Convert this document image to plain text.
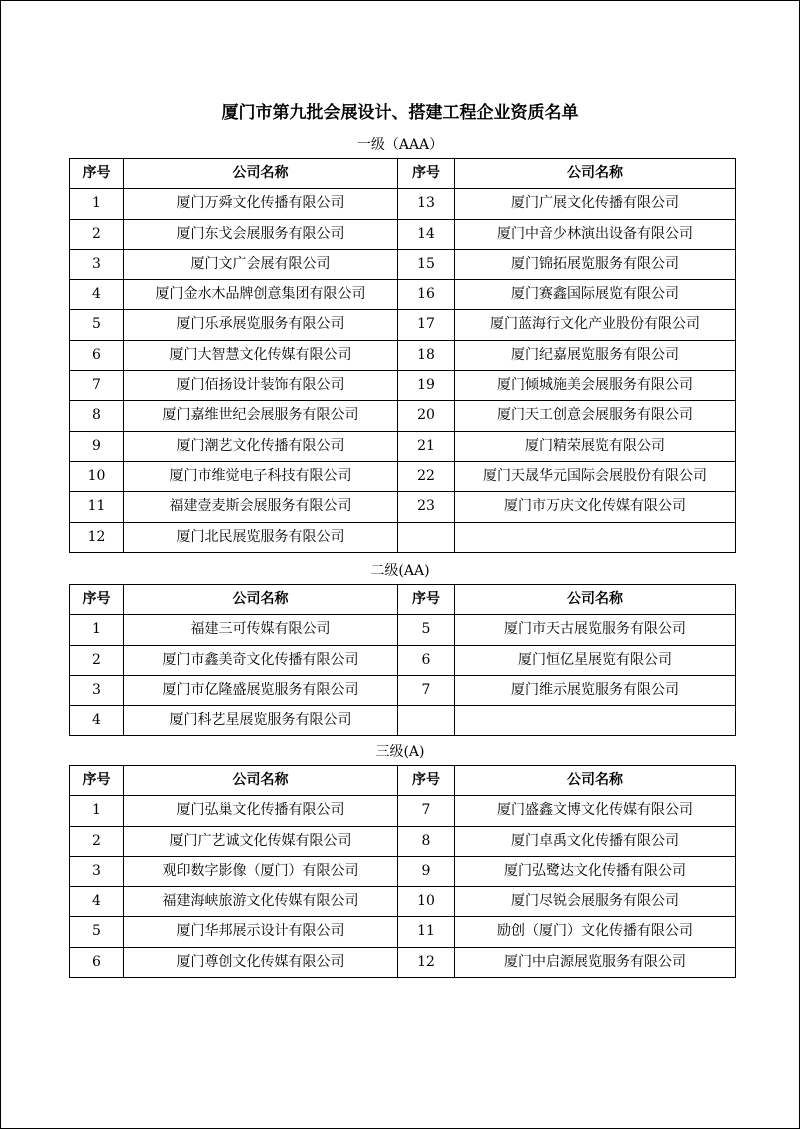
厦门市第九批会展设计、搭建工程企业资质名单
一级（AAA）
序号	公司名称	序号	公司名称
1	厦门万舜文化传播有限公司	13	厦门广展文化传播有限公司
2	厦门东戈会展服务有限公司	14	厦门中音少林演出设备有限公司
3	厦门文广会展有限公司	15	厦门锦拓展览服务有限公司
4	厦门金水木品牌创意集团有限公司	16	厦门赛鑫国际展览有限公司
5	厦门乐承展览服务有限公司	17	厦门蓝海行文化产业股份有限公司
6	厦门大智慧文化传媒有限公司	18	厦门纪嘉展览服务有限公司
7	厦门佰扬设计装饰有限公司	19	厦门倾城施美会展服务有限公司
8	厦门嘉维世纪会展服务有限公司	20	厦门天工创意会展服务有限公司
9	厦门潮艺文化传播有限公司	21	厦门精荣展览有限公司
10	厦门市维觉电子科技有限公司	22	厦门天晟华元国际会展股份有限公司
11	福建壹麦斯会展服务有限公司	23	厦门市万庆文化传媒有限公司
12	厦门北民展览服务有限公司		
二级(AA)
序号	公司名称	序号	公司名称
1	福建三可传媒有限公司	5	厦门市天古展览服务有限公司
2	厦门市鑫美奇文化传播有限公司	6	厦门恒亿星展览有限公司
3	厦门市亿隆盛展览服务有限公司	7	厦门维示展览服务有限公司
4	厦门科艺星展览服务有限公司		
三级(A)
序号	公司名称	序号	公司名称
1	厦门弘巢文化传播有限公司	7	厦门盛鑫文博文化传媒有限公司
2	厦门广艺诚文化传媒有限公司	8	厦门卓禹文化传播有限公司
3	观印数字影像（厦门）有限公司	9	厦门弘鹭达文化传播有限公司
4	福建海峡旅游文化传媒有限公司	10	厦门尽锐会展服务有限公司
5	厦门华邦展示设计有限公司	11	励创（厦门）文化传播有限公司
6	厦门尊创文化传媒有限公司	12	厦门中启源展览服务有限公司
